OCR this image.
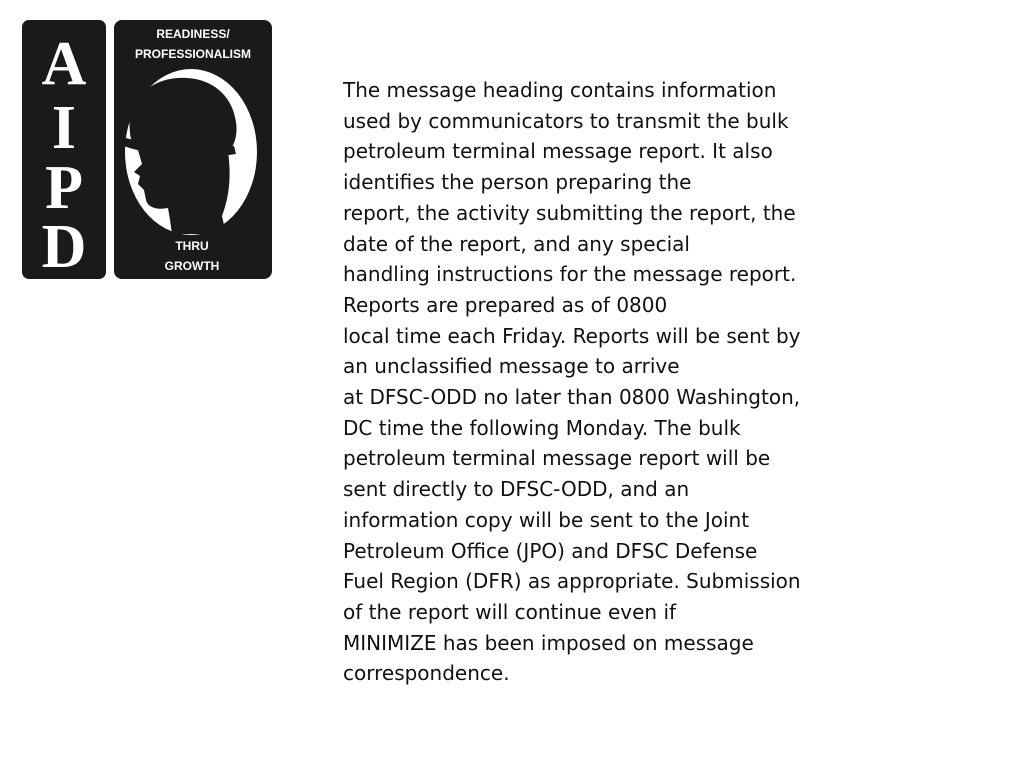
A
I
P
D
READINESS/
PROFESSIONALISM
THRU
GROWTH
The message heading contains information
used by communicators to transmit the bulk
petroleum terminal message report. It also
identifies the person preparing the
report, the activity submitting the report, the
date of the report, and any special
handling instructions for the message report.
Reports are prepared as of 0800
local time each Friday. Reports will be sent by
an unclassified message to arrive
at DFSC-ODD no later than 0800 Washington,
DC time the following Monday. The bulk
petroleum terminal message report will be
sent directly to DFSC-ODD, and an
information copy will be sent to the Joint
Petroleum Office (JPO) and DFSC Defense
Fuel Region (DFR) as appropriate. Submission
of the report will continue even if
MINIMIZE has been imposed on message
correspondence.
